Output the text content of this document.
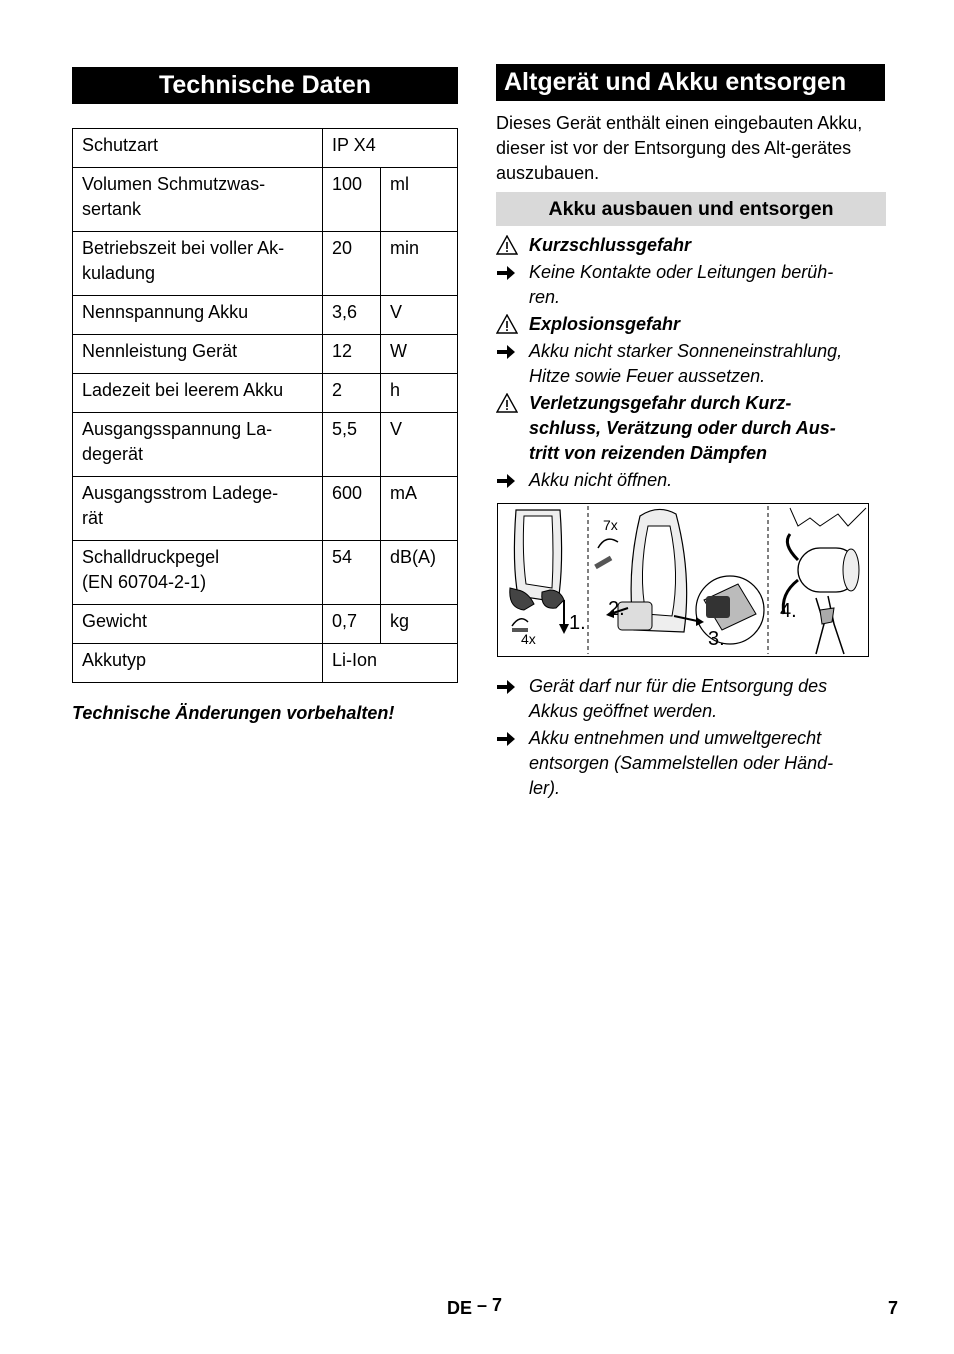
Technische Daten
Schutzart	IP X4	
Volumen Schmutzwas-
sertank	100	ml
Betriebszeit bei voller Ak-
kuladung	20	min
Nennspannung Akku	3,6	V
Nennleistung Gerät	12	W
Ladezeit bei leerem Akku	2	h
Ausgangsspannung La-
degerät	5,5	V
Ausgangsstrom Ladege-
rät	600	mA
Schalldruckpegel
(EN 60704-2-1)	54	dB(A)
Gewicht	0,7	kg
Akkutyp	Li-Ion	
Technische Änderungen vorbehalten!
Altgerät und Akku entsorgen
Dieses Gerät enthält einen eingebauten Akku, dieser ist vor der Entsorgung des Alt-gerätes auszubauen.
Akku ausbauen und entsorgen
Kurzschlussgefahr
Keine Kontakte oder Leitungen berüh-
ren.
Explosionsgefahr
Akku nicht starker Sonneneinstrahlung,
Hitze sowie Feuer aussetzen.
Verletzungsgefahr durch Kurz-
schluss, Verätzung oder durch Aus-
tritt von reizenden Dämpfen
Akku nicht öffnen.
7x
4x
1.
2.
3.
4.
Gerät darf nur für die Entsorgung des
Akkus geöffnet werden.
Akku entnehmen und umweltgerecht
entsorgen (Sammelstellen oder Händ-
ler).
DE – 7	7
